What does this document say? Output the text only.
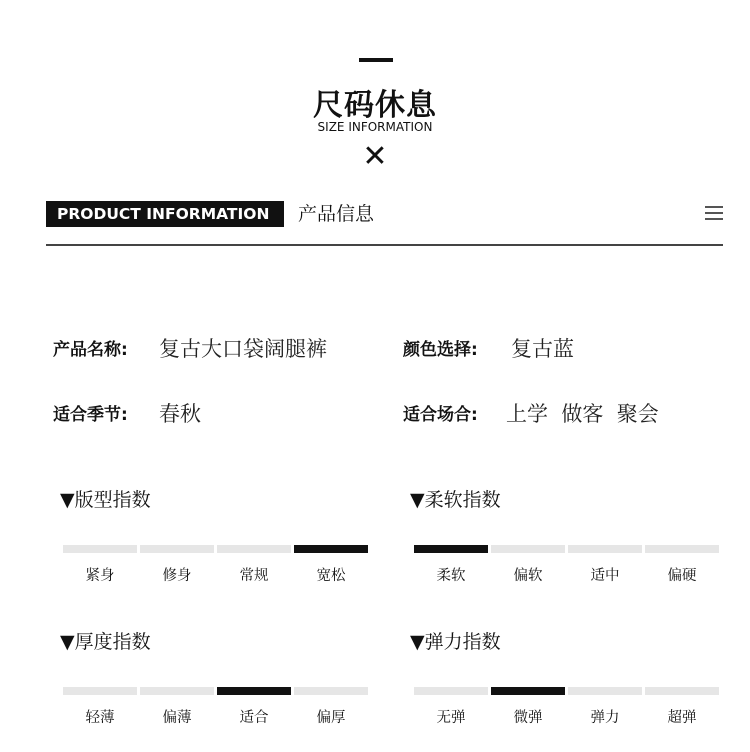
尺码休息
SIZE INFORMATION
✕
PRODUCT INFORMATION	产品信息
产品名称: 复古大口袋阔腿裤	颜色选择: 复古蓝
适合季节: 春秋	适合场合: 上学  做客  聚会
▼版型指数
紧身	修身	常规	宽松
▼柔软指数
柔软	偏软	适中	偏硬
▼厚度指数
轻薄	偏薄	适合	偏厚
▼弹力指数
无弹	微弹	弹力	超弹
